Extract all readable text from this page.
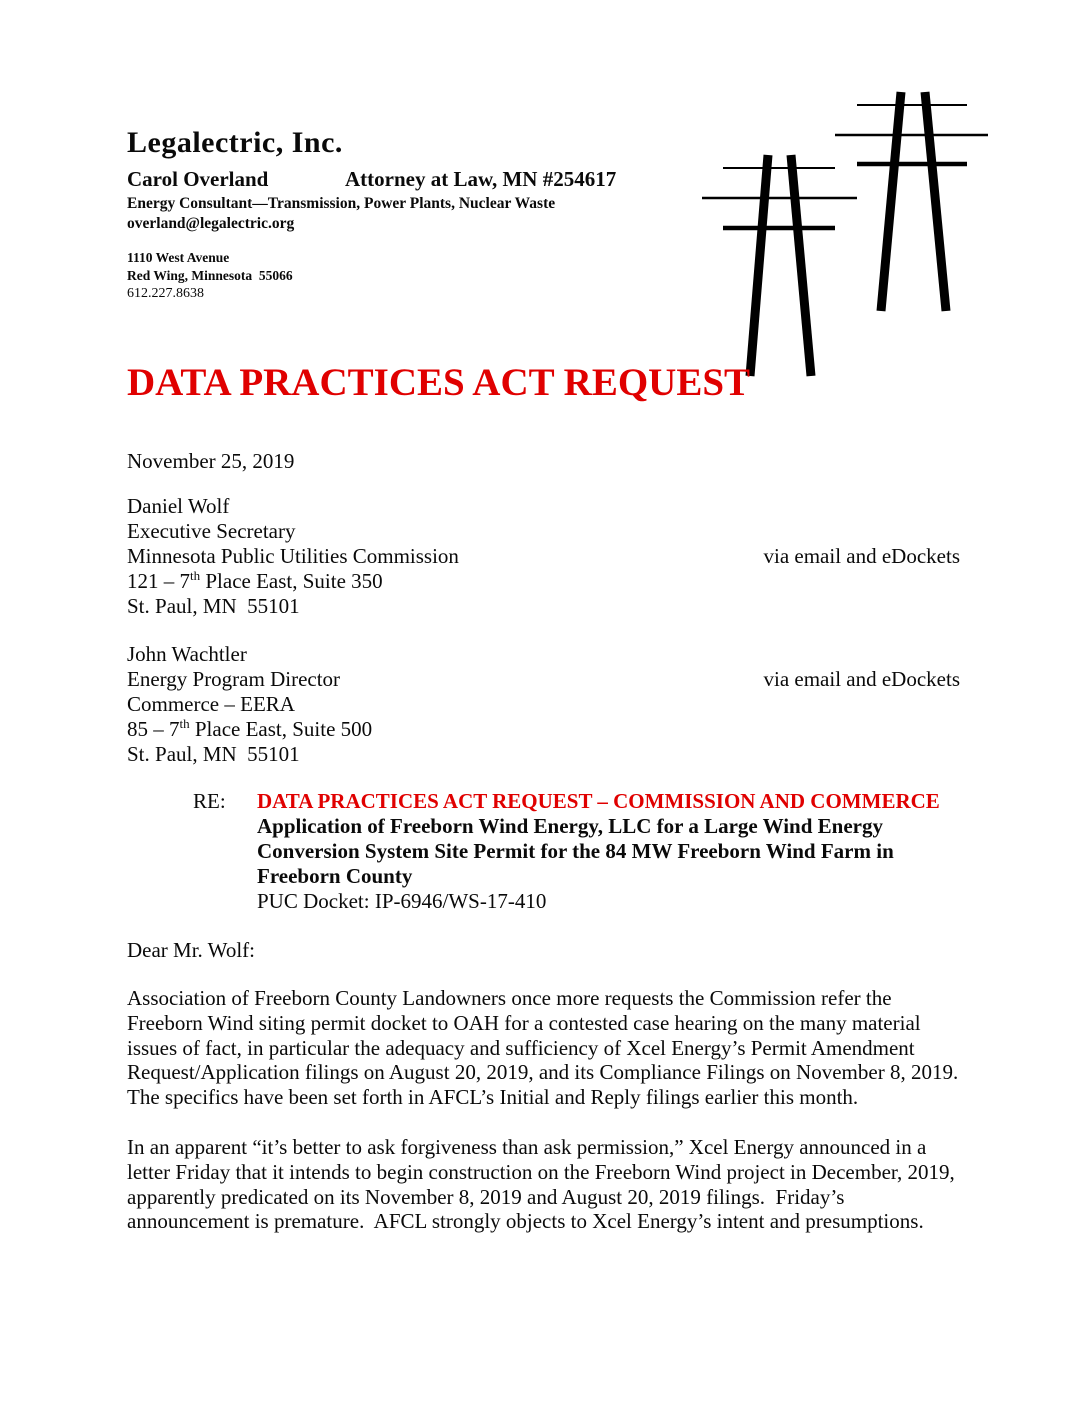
Legalectric, Inc.
Carol Overland	Attorney at Law, MN #254617
Energy Consultant—Transmission, Power Plants, Nuclear Waste
overland@legalectric.org
1110 West Avenue
Red Wing, Minnesota  55066
612.227.8638
DATA PRACTICES ACT REQUEST
November 25, 2019
Daniel Wolf
Executive Secretary
Minnesota Public Utilities Commission	via email and eDockets
121 – 7th Place East, Suite 350
St. Paul, MN  55101
John Wachtler
Energy Program Director	via email and eDockets
Commerce – EERA
85 – 7th Place East, Suite 500
St. Paul, MN  55101
RE:	DATA PRACTICES ACT REQUEST – COMMISSION AND COMMERCE
Application of Freeborn Wind Energy, LLC for a Large Wind Energy Conversion System Site Permit for the 84 MW Freeborn Wind Farm in Freeborn County
PUC Docket: IP-6946/WS-17-410
Dear Mr. Wolf:
Association of Freeborn County Landowners once more requests the Commission refer the Freeborn Wind siting permit docket to OAH for a contested case hearing on the many material issues of fact, in particular the adequacy and sufficiency of Xcel Energy’s Permit Amendment Request/Application filings on August 20, 2019, and its Compliance Filings on November 8, 2019.  The specifics have been set forth in AFCL’s Initial and Reply filings earlier this month.
In an apparent “it’s better to ask forgiveness than ask permission,” Xcel Energy announced in a letter Friday that it intends to begin construction on the Freeborn Wind project in December, 2019, apparently predicated on its November 8, 2019 and August 20, 2019 filings.  Friday’s announcement is premature.  AFCL strongly objects to Xcel Energy’s intent and presumptions.
